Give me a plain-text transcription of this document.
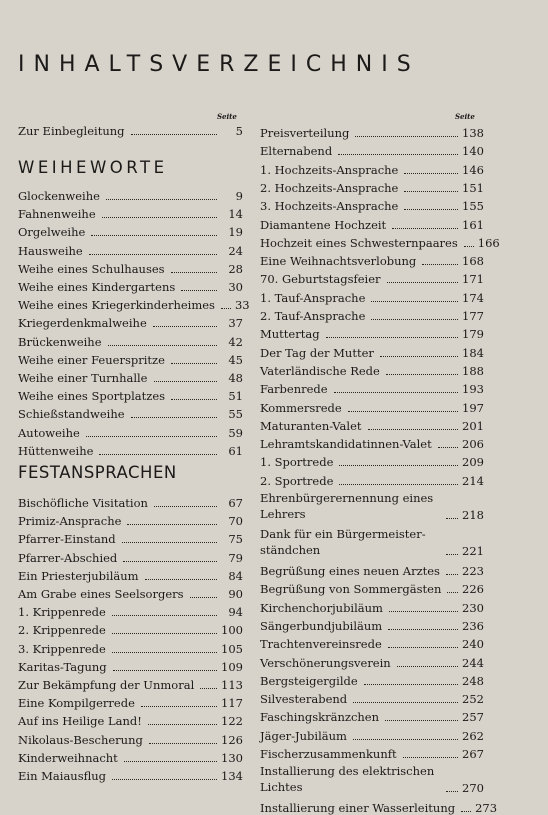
INHALTSVERZEICHNIS
Seite	Seite
Zur Einbegleitung	5
WEIHEWORTE
FESTANSPRACHEN
Glockenweihe	9
Fahnenweihe	14
Orgelweihe	19
Hausweihe	24
Weihe eines Schulhauses	28
Weihe eines Kindergartens	30
Weihe eines Kriegerkinderheimes 33
Kriegerdenkmalweihe	37
Brückenweihe	42
Weihe einer Feuerspritze	45
Weihe einer Turnhalle	48
Weihe eines Sportplatzes	51
Schießstandweihe	55
Autoweihe	59
Hüttenweihe	61
Bischöfliche Visitation	67
Primiz-Ansprache	70
Pfarrer-Einstand	75
Pfarrer-Abschied	79
Ein Priesterjubiläum	84
Am Grabe eines Seelsorgers	90
1. Krippenrede	94
2. Krippenrede	100
3. Krippenrede	105
Karitas-Tagung	109
Zur Bekämpfung der Unmoral 113
Eine Kompilgerrede	117
Auf ins Heilige Land!	122
Nikolaus-Bescherung	126
Kinderweihnacht	130
Ein Maiausflug	134
Preisverteilung	138
Elternabend	140
1. Hochzeits-Ansprache	146
2. Hochzeits-Ansprache	151
3. Hochzeits-Ansprache	155
Diamantene Hochzeit	161
Hochzeit eines Schwesternpaares 166
Eine Weihnachtsverlobung	168
70. Geburtstagsfeier	171
1. Tauf-Ansprache	174
2. Tauf-Ansprache	177
Muttertag	179
Der Tag der Mutter	184
Vaterländische Rede	188
Farbenrede	193
Kommersrede	197
Maturanten-Valet	201
Lehramtskandidatinnen-Valet	206
1. Sportrede	209
2. Sportrede	214
Ehrenbürgerernennung eines Lehrers	218
Dank für ein Bürgermeister-ständchen	221
Begrüßung eines neuen Arztes 223
Begrüßung von Sommergästen 226
Kirchenchorjubiläum	230
Sängerbundjubiläum	236
Trachtenvereinsrede	240
Verschönerungsverein	244
Bergsteigergilde	248
Silvesterabend	252
Faschingskränzchen	257
Jäger-Jubiläum	262
Fischerzusammenkunft	267
Installierung des elektrischen Lichtes	270
Installierung einer Wasserleitung 273
